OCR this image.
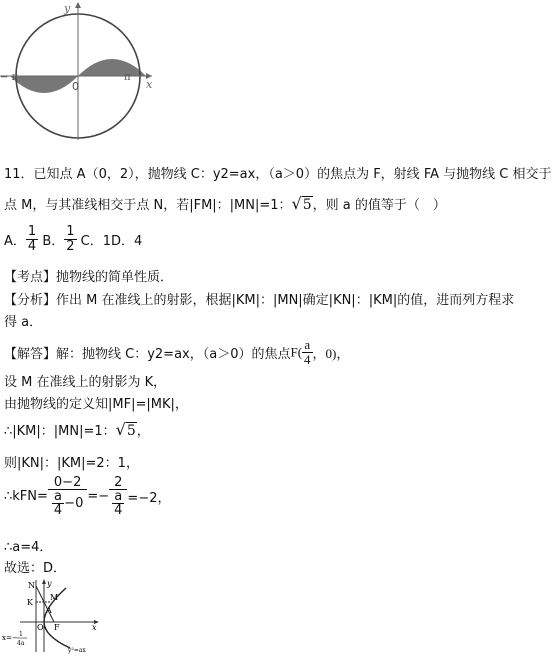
y
x
0
− π	π
11．已知点 A（0，2），抛物线 C：y2=ax，（a＞0）的焦点为 F，射线 FA 与抛物线 C 相交于
点 M，与其准线相交于点 N，若|FM|：|MN|=1：√5，则 a 的值等于（　）
A． $\frac{1}{4}$ B． $\frac{1}{2}$ C．1D．4
【考点】抛物线的简单性质．
【分析】作出 M 在准线上的射影，根据|KM|：|MN|确定|KN|：|KM|的值，进而列方程求
得 a．
【解答】解：抛物线 C：y2=ax，（a＞0）的焦点$F( \frac{a}{4}$ ，0)，
设 M 在准线上的射影为 K，
由抛物线的定义知|MF|=|MK|，
∴|KM|：|MN|=1：√5，
则|KN|：|KM|=2：1，
∴kFN= $\frac{0-2}{\frac{a}{4} -0} =- \frac{2}{\frac{a}{4}} =-2$，
∴a=4．
故选：D．
N y
K
M
A
O F	x
x=− 1
4a
y²=ax
